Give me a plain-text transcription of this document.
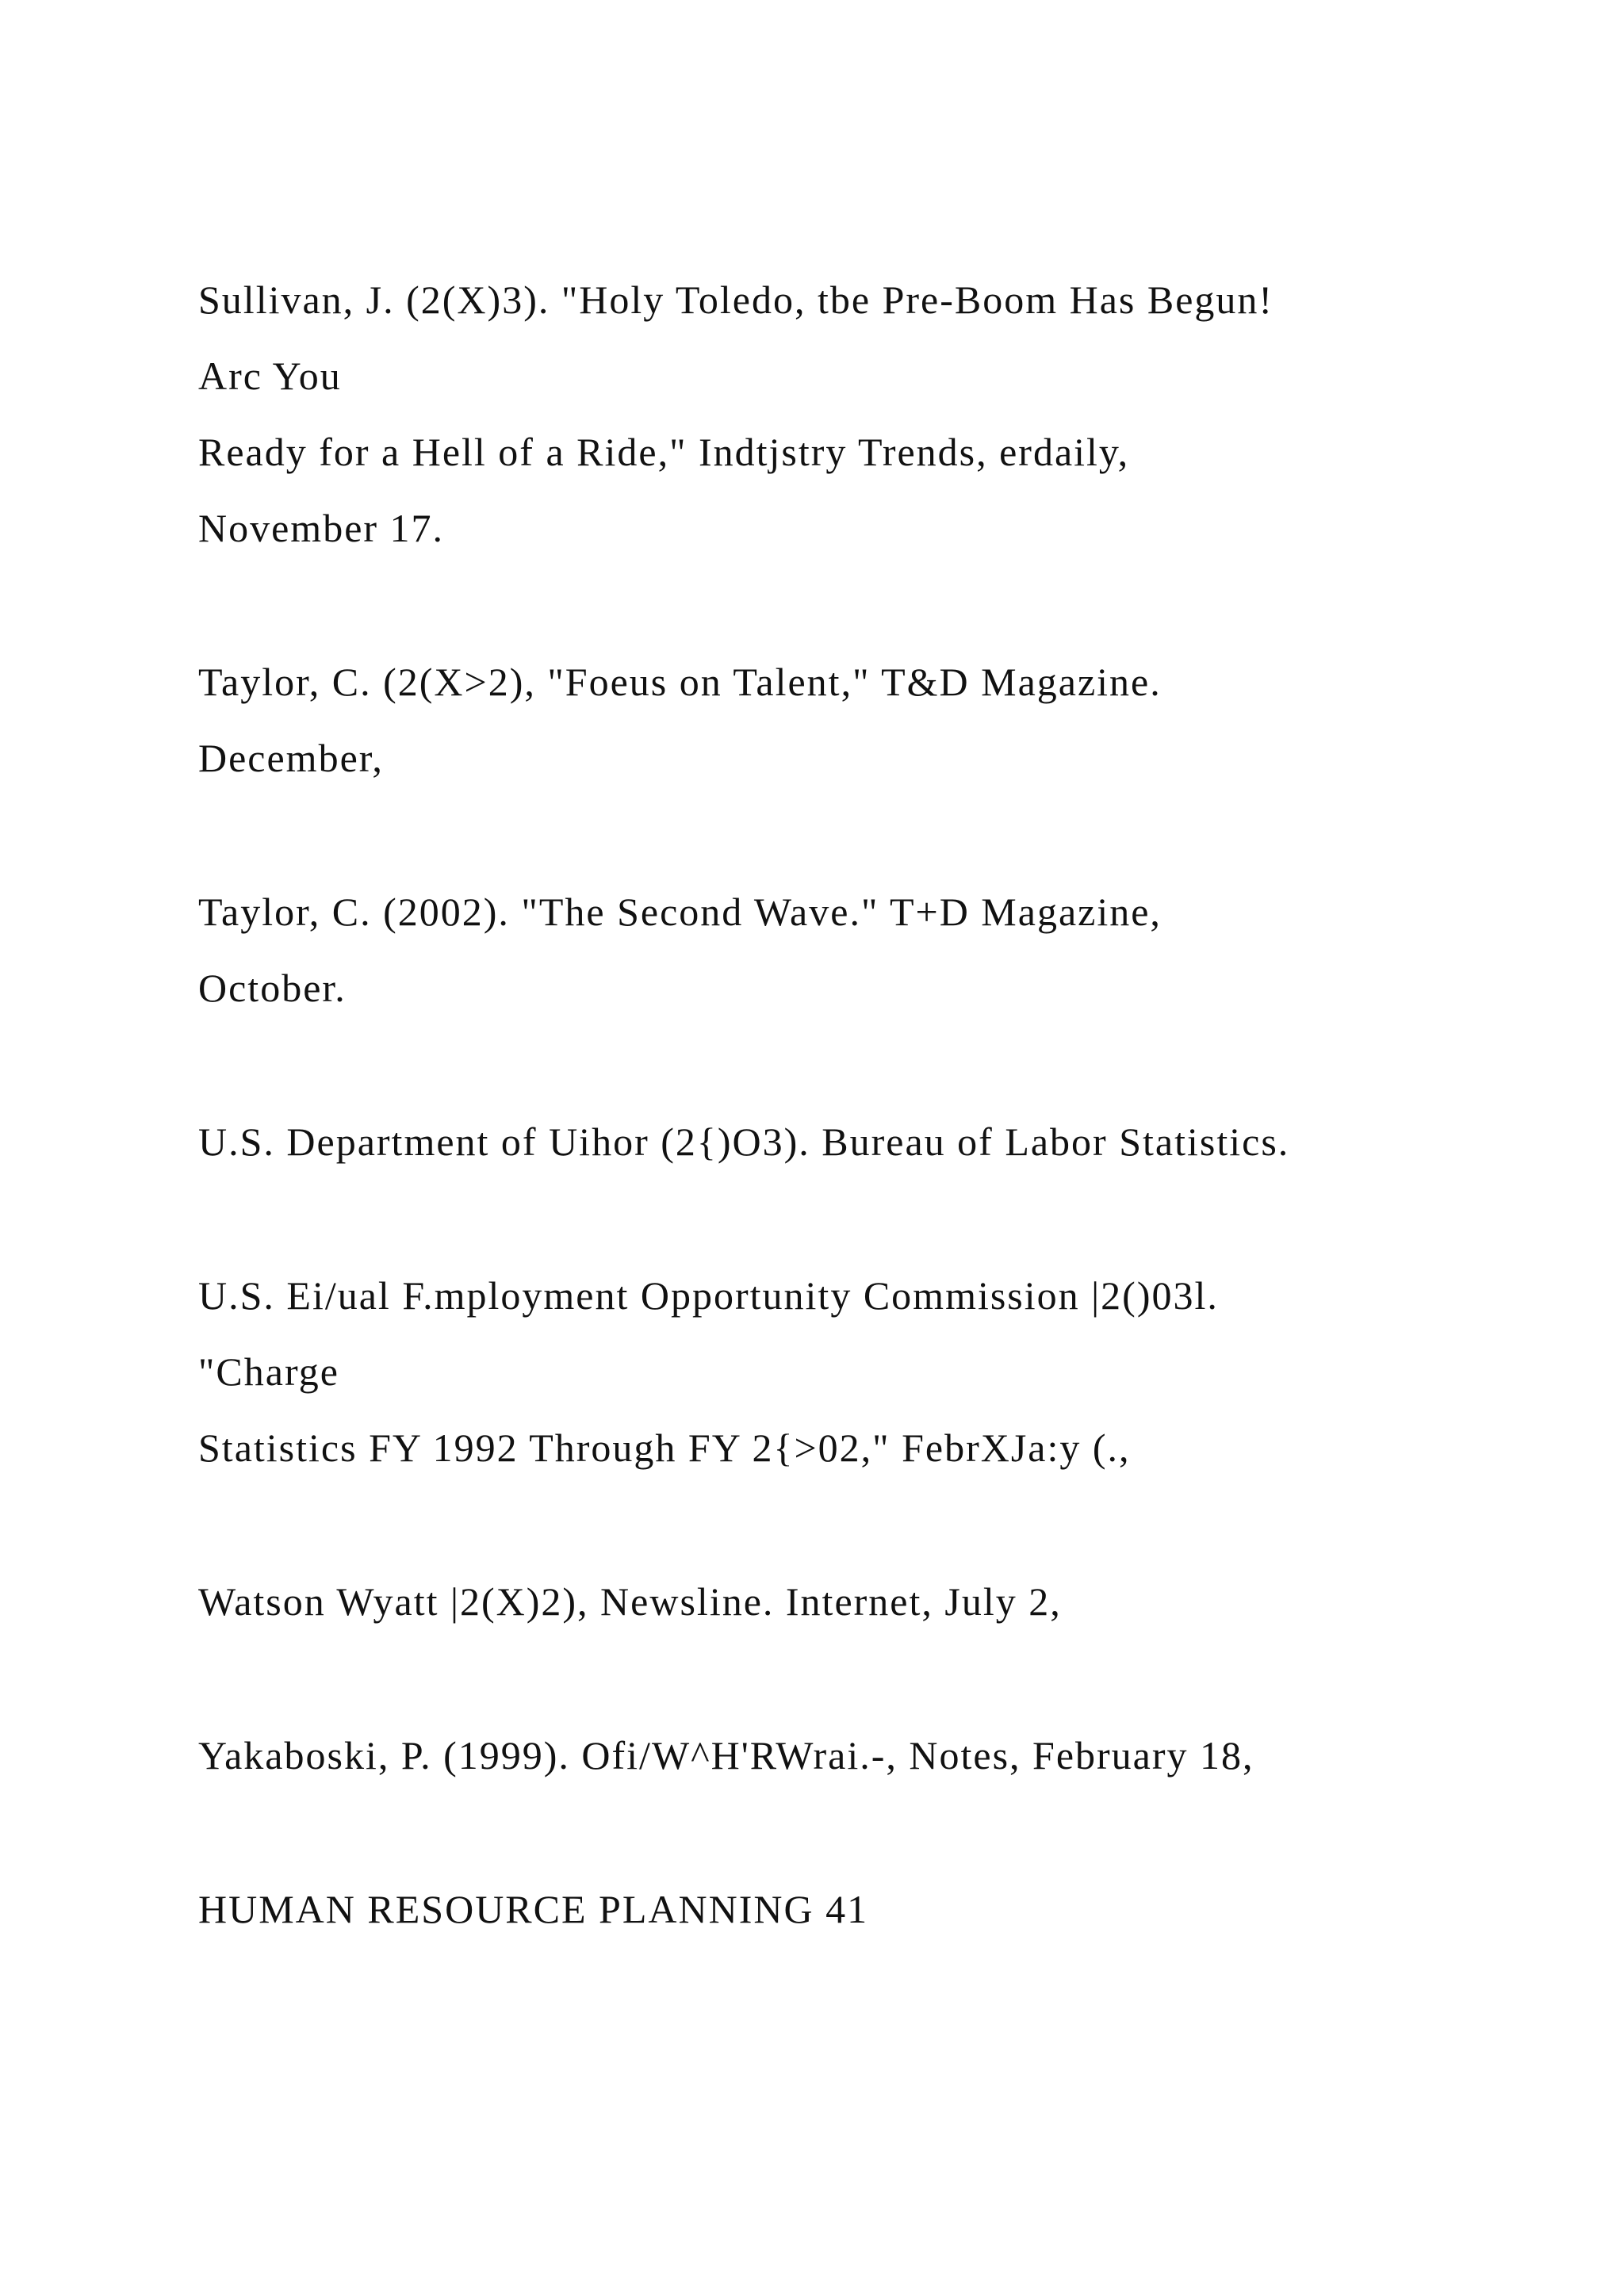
Sullivan, J. (2(X)3). "Holy Toledo, tbe Pre-Boom Has Begun!
Arc You
Ready for a Hell of a Ride," Indtjstry Trends, erdaily,
November 17.
Taylor, C. (2(X>2), "Foeus on Talent," T&D Magazine.
December,
Taylor, C. (2002). "The Second Wave." T+D Magazine,
October.
U.S. Department of Uihor (2{)O3). Bureau of Labor Statistics.
U.S. Ei/ual F.mployment Opportunity Commission |2()03l.
"Charge
Statistics FY 1992 Through FY 2{>02," FebrXJa:y (.,
Watson Wyatt |2(X)2), Newsline. Internet, July 2,
Yakaboski, P. (1999). Ofi/W^H'RWrai.-, Notes, February 18,
HUMAN RESOURCE PLANNING 41
